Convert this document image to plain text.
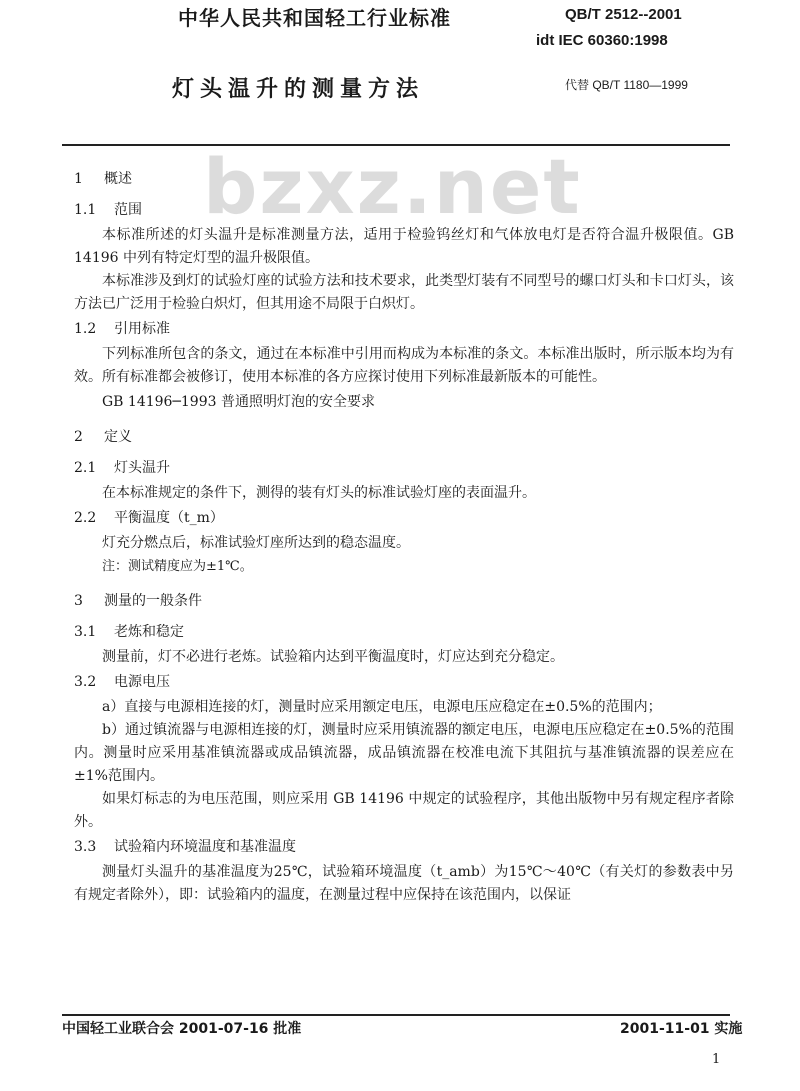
中华人民共和国轻工行业标准	QB/T 2512--2001
idt IEC 60360:1998
灯头温升的测量方法	代替 QB/T 1180—1999
bzxz.net
1 概述
1.1 范围

本标准所述的灯头温升是标准测量方法，适用于检验钨丝灯和气体放电灯是否符合温升极限值。GB 14196 中列有特定灯型的温升极限值。

本标准涉及到灯的试验灯座的试验方法和技术要求，此类型灯装有不同型号的螺口灯头和卡口灯头，该方法已广泛用于检验白炽灯，但其用途不局限于白炽灯。

1.2 引用标准

下列标准所包含的条文，通过在本标准中引用而构成为本标准的条文。本标准出版时，所示版本均为有效。所有标准都会被修订，使用本标准的各方应探讨使用下列标准最新版本的可能性。

GB 14196─1993 普通照明灯泡的安全要求

2 定义
2.1 灯头温升

在本标准规定的条件下，测得的装有灯头的标准试验灯座的表面温升。

2.2 平衡温度（t_m）

灯充分燃点后，标准试验灯座所达到的稳态温度。

注：测试精度应为±1℃。

3 测量的一般条件
3.1 老炼和稳定

测量前，灯不必进行老炼。试验箱内达到平衡温度时，灯应达到充分稳定。

3.2 电源电压

a）直接与电源相连接的灯，测量时应采用额定电压，电源电压应稳定在±0.5%的范围内；

b）通过镇流器与电源相连接的灯，测量时应采用镇流器的额定电压，电源电压应稳定在±0.5%的范围内。测量时应采用基准镇流器或成品镇流器，成品镇流器在校准电流下其阻抗与基准镇流器的误差应在±1%范围内。

如果灯标志的为电压范围，则应采用 GB 14196 中规定的试验程序，其他出版物中另有规定程序者除外。

3.3 试验箱内环境温度和基准温度

测量灯头温升的基准温度为25℃，试验箱环境温度（t_amb）为15℃～40℃（有关灯的参数表中另有规定者除外），即：试验箱内的温度，在测量过程中应保持在该范围内，以保证

中国轻工业联合会 2001-07-16 批准	2001-11-01 实施
1
